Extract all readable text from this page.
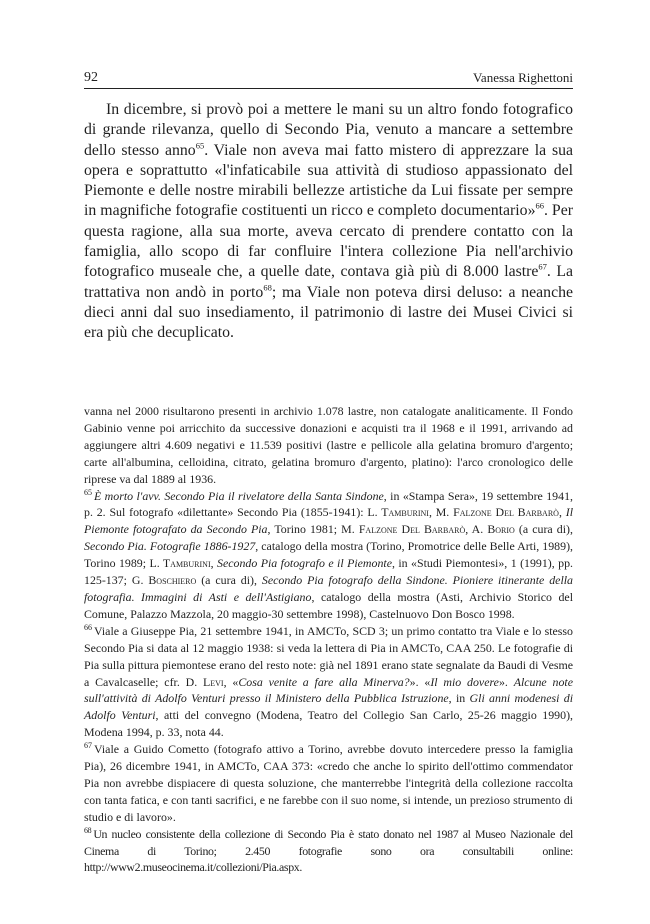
92	Vanessa Righettoni

In dicembre, si provò poi a mettere le mani su un altro fondo fotografico di grande rilevanza, quello di Secondo Pia, venuto a mancare a settembre dello stesso anno$^{65}$. Viale non aveva mai fatto mistero di apprezzare la sua opera e soprattutto «l'infaticabile sua attività di studioso appassionato del Piemonte e delle nostre mirabili bellezze artistiche da Lui fissate per sempre in magnifiche fotografie costituenti un ricco e completo documentario»$^{66}$. Per questa ragione, alla sua morte, aveva cercato di prendere contatto con la famiglia, allo scopo di far confluire l'intera collezione Pia nell'archivio fotografico museale che, a quelle date, contava già più di 8.000 lastre$^{67}$. La trattativa non andò in porto$^{68}$; ma Viale non poteva dirsi deluso: a neanche dieci anni dal suo insediamento, il patrimonio di lastre dei Musei Civici si era più che decuplicato.

vanna nel 2000 risultarono presenti in archivio 1.078 lastre, non catalogate analiticamente. Il Fondo Gabinio venne poi arricchito da successive donazioni e acquisti tra il 1968 e il 1991, arrivando ad aggiungere altri 4.609 negativi e 11.539 positivi (lastre e pellicole alla gelatina bromuro d'argento; carte all'albumina, celloidina, citrato, gelatina bromuro d'argento, platino): l'arco cronologico delle riprese va dal 1889 al 1936.

$^{65}$ È morto l'avv. Secondo Pia il rivelatore della Santa Sindone, in «Stampa Sera», 19 settembre 1941, p. 2. Sul fotografo «dilettante» Secondo Pia (1855-1941): L. Tamburini, M. Falzone Del Barbarò, Il Piemonte fotografato da Secondo Pia, Torino 1981; M. Falzone Del Barbarò, A. Borio (a cura di), Secondo Pia. Fotografie 1886-1927, catalogo della mostra (Torino, Promotrice delle Belle Arti, 1989), Torino 1989; L. Tamburini, Secondo Pia fotografo e il Piemonte, in «Studi Piemontesi», 1 (1991), pp. 125-137; G. Boschiero (a cura di), Secondo Pia fotografo della Sindone. Pioniere itinerante della fotografia. Immagini di Asti e dell'Astigiano, catalogo della mostra (Asti, Archivio Storico del Comune, Palazzo Mazzola, 20 maggio-30 settembre 1998), Castelnuovo Don Bosco 1998.

$^{66}$ Viale a Giuseppe Pia, 21 settembre 1941, in AMCTo, SCD 3; un primo contatto tra Viale e lo stesso Secondo Pia si data al 12 maggio 1938: si veda la lettera di Pia in AMCTo, CAA 250. Le fotografie di Pia sulla pittura piemontese erano del resto note: già nel 1891 erano state segnalate da Baudi di Vesme a Cavalcaselle; cfr. D. Levi, «Cosa venite a fare alla Minerva?». «Il mio dovere». Alcune note sull'attività di Adolfo Venturi presso il Ministero della Pubblica Istruzione, in Gli anni modenesi di Adolfo Venturi, atti del convegno (Modena, Teatro del Collegio San Carlo, 25-26 maggio 1990), Modena 1994, p. 33, nota 44.

$^{67}$ Viale a Guido Cometto (fotografo attivo a Torino, avrebbe dovuto intercedere presso la famiglia Pia), 26 dicembre 1941, in AMCTo, CAA 373: «credo che anche lo spirito dell'ottimo commendator Pia non avrebbe dispiacere di questa soluzione, che manterrebbe l'integrità della collezione raccolta con tanta fatica, e con tanti sacrifici, e ne farebbe con il suo nome, si intende, un prezioso strumento di studio e di lavoro».

$^{68}$ Un nucleo consistente della collezione di Secondo Pia è stato donato nel 1987 al Museo Nazionale del Cinema di Torino; 2.450 fotografie sono ora consultabili online: http://www2.museocinema.it/collezioni/Pia.aspx.
